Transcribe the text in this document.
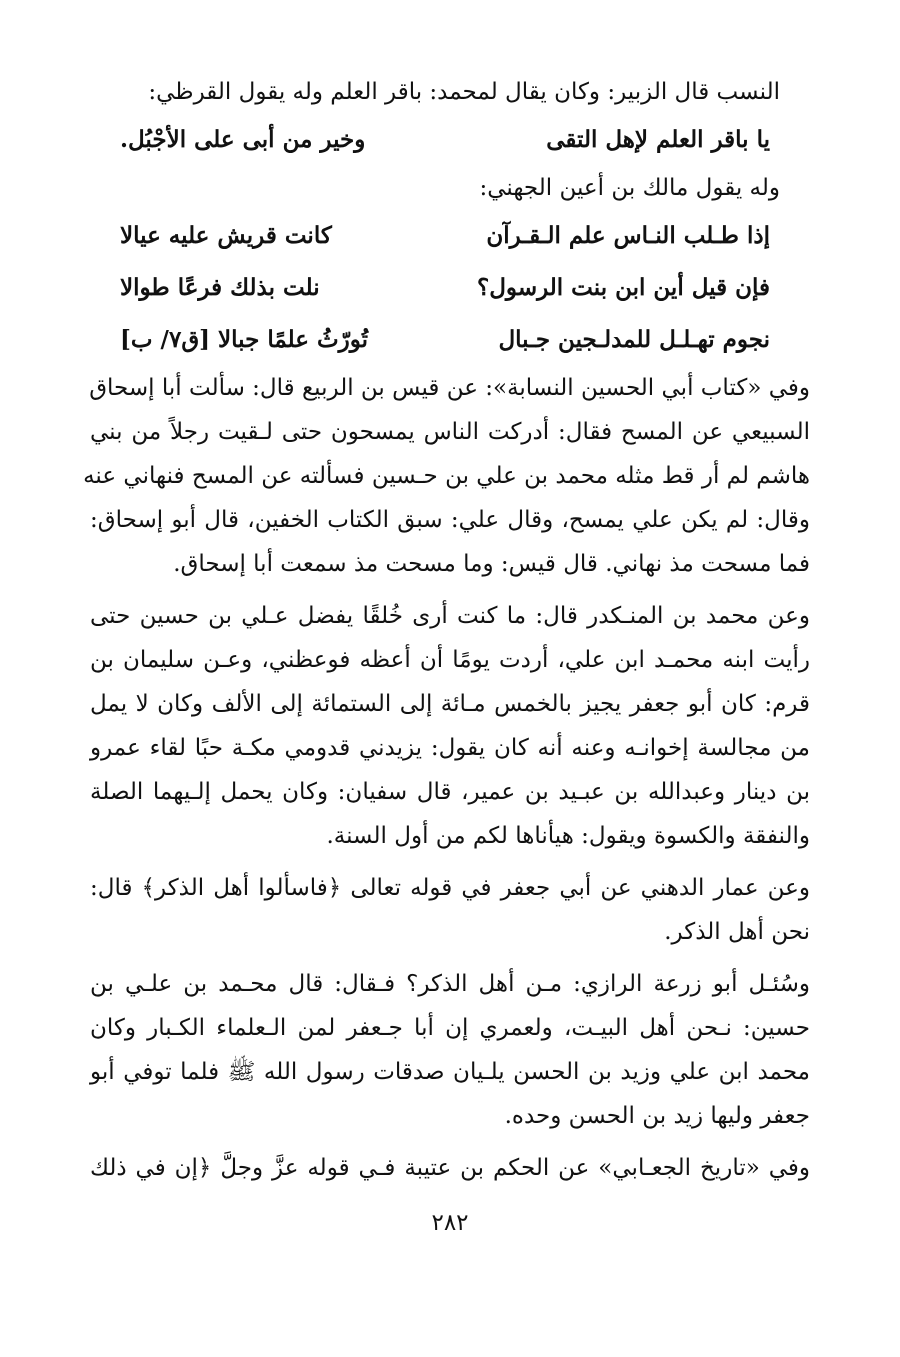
النسب قال الزبير: وكان يقال لمحمد: باقر العلم وله يقول القرظي:
يا باقر العلم لإهل التقى
وخير من أبى على الأجْبُل.
وله يقول مالك بن أعين الجهني:
إذا طـلب النـاس علم الـقـرآن
كانت قريش عليه عيالا
فإن قيل أين ابن بنت الرسول؟
نلت بذلك فرعًا طوالا
نجوم تهـلـل للمدلـجين جـبال
تُورّثُ علمًا جبالا [ق٧/ ب]
وفي «كتاب أبي الحسين النسابة»: عن قيس بن الربيع قال: سألت أبا إسحاق
السبيعي عن المسح فقال: أدركت الناس يمسحون حتى لـقيت رجلاً من بني
هاشم لم أر قط مثله محمد بن علي بن حـسين فسألته عن المسح فنهاني عنه
وقال: لم يكن علي يمسح، وقال علي: سبق الكتاب الخفين، قال أبو إسحاق:
فما مسحت مذ نهاني. قال قيس: وما مسحت مذ سمعت أبا إسحاق.
وعن محمد بن المنـكدر قال: ما كنت أرى خُلقًا يفضل عـلي بن حسين حتى
رأيت ابنه محمـد ابن علي، أردت يومًا أن أعظه فوعظني، وعـن سليمان بن
قرم: كان أبو جعفر يجيز بالخمس مـائة إلى الستمائة إلى الألف وكان لا يمل
من مجالسة إخوانـه وعنه أنه كان يقول: يزيدني قدومي مكـة حبًا لقاء عمرو
بن دينار وعبدالله بن عبـيد بن عمير، قال سفيان: وكان يحمل إلـيهما الصلة
والنفقة والكسوة ويقول: هيأناها لكم من أول السنة.
وعن عمار الدهني عن أبي جعفر في قوله تعالى ﴿فاسألوا أهل الذكر﴾ قال:
نحن أهل الذكر.
وسُئـل أبو زرعة الرازي: مـن أهل الذكر؟ فـقال: قال محـمد بن علـي بن
حسين: نـحن أهل البيـت، ولعمري إن أبا جـعفر لمن الـعلماء الكـبار وكان
محمد ابن علي وزيد بن الحسن يلـيان صدقات رسول الله ﷺ فلما توفي أبو
جعفر وليها زيد بن الحسن وحده.
وفي «تاريخ الجعـابي» عن الحكم بن عتيبة فـي قوله عزَّ وجلَّ ﴿إن في ذلك
٢٨٢
